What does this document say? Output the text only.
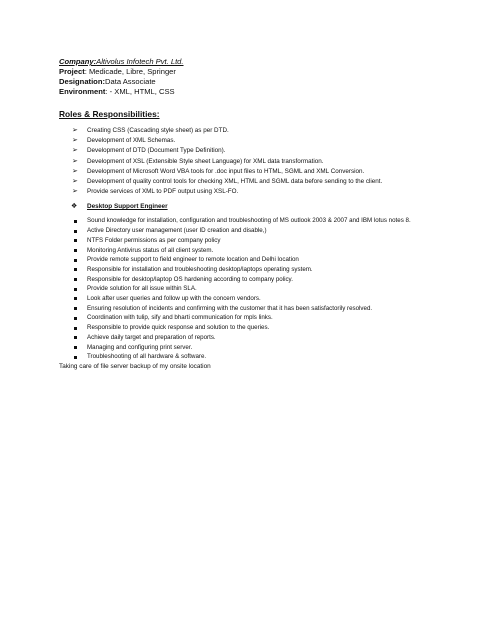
Company:Altivolus Infotech Pvt. Ltd.
Project: Medicade, Libre, Springer
Designation:Data Associate
Environment: - XML, HTML, CSS
Roles & Responsibilities:
➢ Creating CSS (Cascading style sheet) as per DTD.
➢ Development of XML Schemas.
➢ Development of DTD (Document Type Definition).
➢ Development of XSL (Extensible Style sheet Language) for XML data transformation.
➢ Development of Microsoft Word VBA tools for .doc input files to HTML, SGML and XML Conversion.
➢ Development of quality control tools for checking XML, HTML and SGML data before sending to the client.
➢ Provide services of XML to PDF output using XSL-FO.
❖ Desktop Support Engineer
Sound knowledge for installation, configuration and troubleshooting of MS outlook 2003 & 2007 and IBM lotus notes 8.
Active Directory user management (user ID creation and disable,)
NTFS Folder permissions as per company policy
Monitoring Antivirus status of all client system.
Provide remote support to field engineer to remote location and Delhi location
Responsible for installation and troubleshooting desktop/laptops operating system.
Responsible for desktop/laptop OS hardening according to company policy.
Provide solution for all issue within SLA.
Look after user queries and follow up with the concern vendors.
Ensuring resolution of incidents and confirming with the customer that it has been satisfactorily resolved.
Coordination with tulip, sify and bharti communication for mpls links.
Responsible to provide quick response and solution to the queries.
Achieve daily target and preparation of reports.
Managing and configuring print server.
Troubleshooting of all hardware & software.
Taking care of file server backup of my onsite location
